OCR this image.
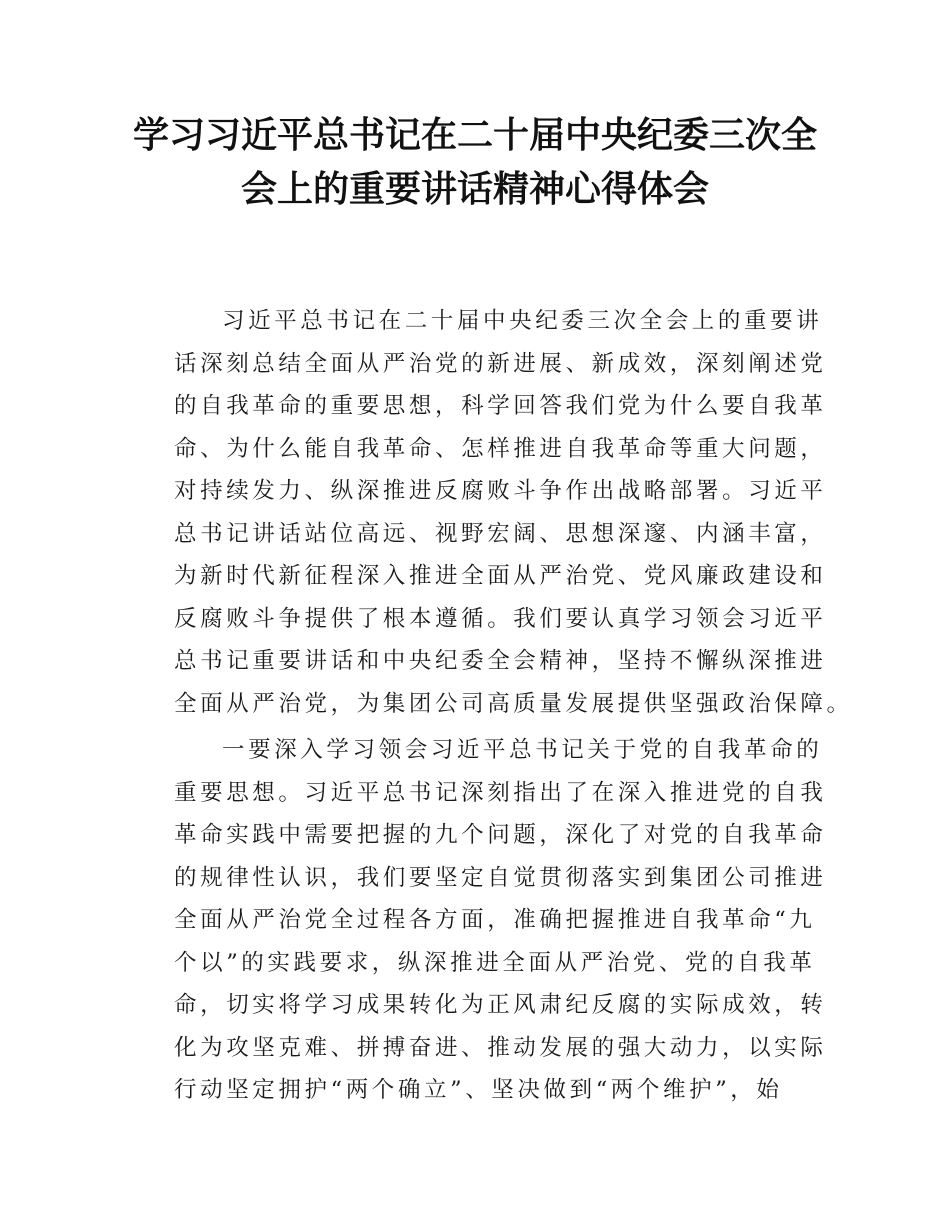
学习习近平总书记在二十届中央纪委三次全
会上的重要讲话精神心得体会
习近平总书记在二十届中央纪委三次全会上的重要讲
话深刻总结全面从严治党的新进展、新成效，深刻阐述党
的自我革命的重要思想，科学回答我们党为什么要自我革
命、为什么能自我革命、怎样推进自我革命等重大问题，
对持续发力、纵深推进反腐败斗争作出战略部署。习近平
总书记讲话站位高远、视野宏阔、思想深邃、内涵丰富，
为新时代新征程深入推进全面从严治党、党风廉政建设和
反腐败斗争提供了根本遵循。我们要认真学习领会习近平
总书记重要讲话和中央纪委全会精神，坚持不懈纵深推进
全面从严治党，为集团公司高质量发展提供坚强政治保障。
一要深入学习领会习近平总书记关于党的自我革命的
重要思想。习近平总书记深刻指出了在深入推进党的自我
革命实践中需要把握的九个问题，深化了对党的自我革命
的规律性认识，我们要坚定自觉贯彻落实到集团公司推进
全面从严治党全过程各方面，准确把握推进自我革命“九
个以”的实践要求，纵深推进全面从严治党、党的自我革
命，切实将学习成果转化为正风肃纪反腐的实际成效，转
化为攻坚克难、拼搏奋进、推动发展的强大动力，以实际
行动坚定拥护“两个确立”、坚决做到“两个维护”，始
